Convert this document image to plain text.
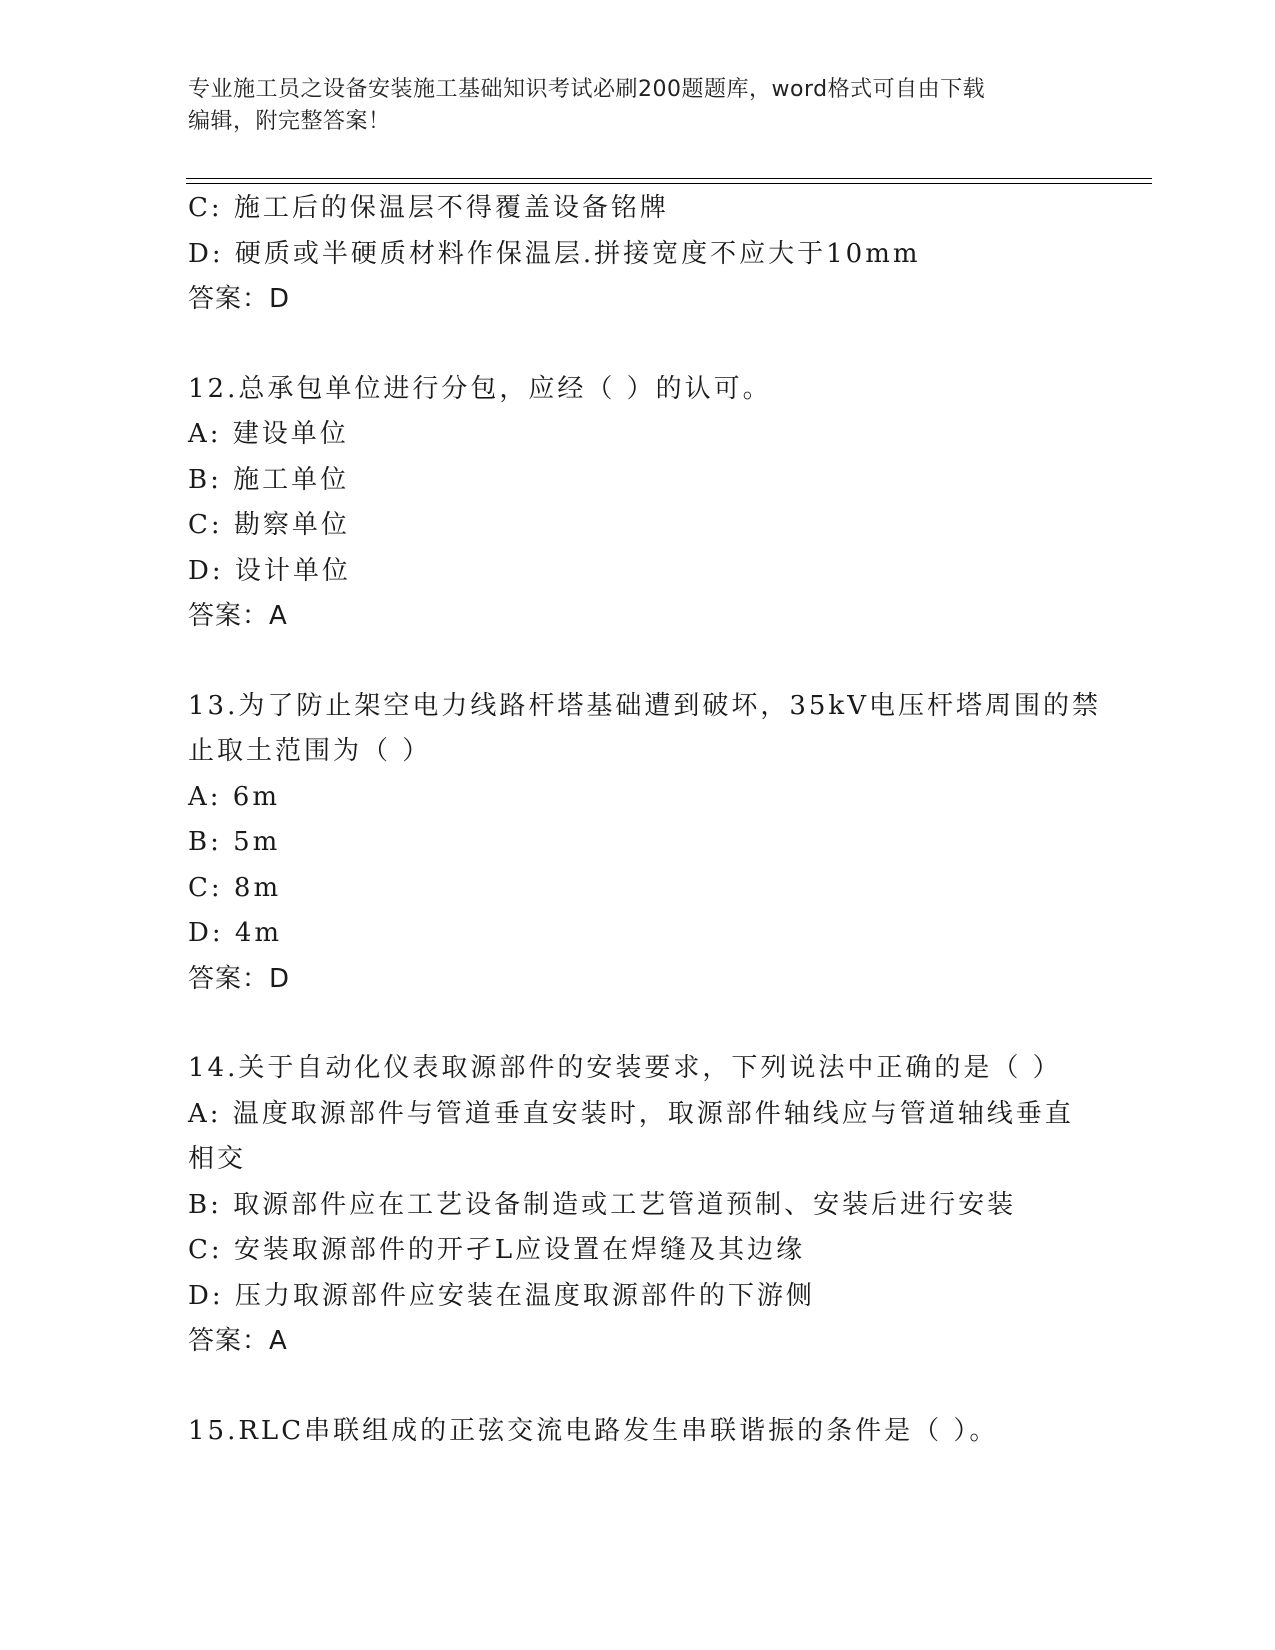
专业施工员之设备安装施工基础知识考试必刷200题题库，word格式可自由下载
编辑，附完整答案！
C: 施工后的保温层不得覆盖设备铭牌
D: 硬质或半硬质材料作保温层.拼接宽度不应大于10mm
答案：D
12.总承包单位进行分包，应经（ ）的认可。
A: 建设单位
B: 施工单位
C: 勘察单位
D: 设计单位
答案：A
13.为了防止架空电力线路杆塔基础遭到破坏，35kV电压杆塔周围的禁
止取土范围为（ ）
A: 6m
B: 5m
C: 8m
D: 4m
答案：D
14.关于自动化仪表取源部件的安装要求，下列说法中正确的是（ ）
A: 温度取源部件与管道垂直安装时，取源部件轴线应与管道轴线垂直
相交
B: 取源部件应在工艺设备制造或工艺管道预制、安装后进行安装
C: 安装取源部件的开孑L应设置在焊缝及其边缘
D: 压力取源部件应安装在温度取源部件的下游侧
答案：A
15.RLC串联组成的正弦交流电路发生串联谐振的条件是（ ）。
